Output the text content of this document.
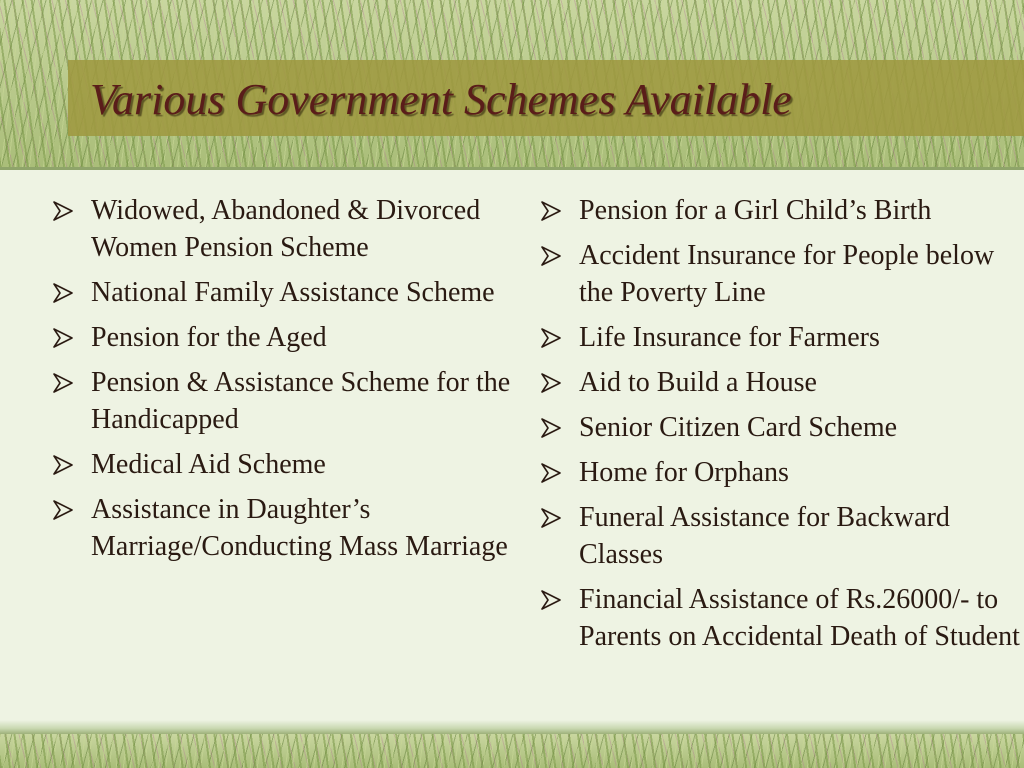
Various Government Schemes Available
Widowed, Abandoned & Divorced Women Pension Scheme
National Family Assistance Scheme
Pension for the Aged
Pension & Assistance Scheme for the Handicapped
Medical Aid Scheme
Assistance in Daughter’s Marriage/Conducting Mass Marriage
Pension for a Girl Child’s Birth
Accident Insurance for People below the Poverty Line
Life Insurance for Farmers
Aid to Build a House
Senior Citizen Card Scheme
Home for Orphans
Funeral Assistance for Backward Classes
Financial Assistance of Rs.26000/- to Parents on Accidental Death of Student
